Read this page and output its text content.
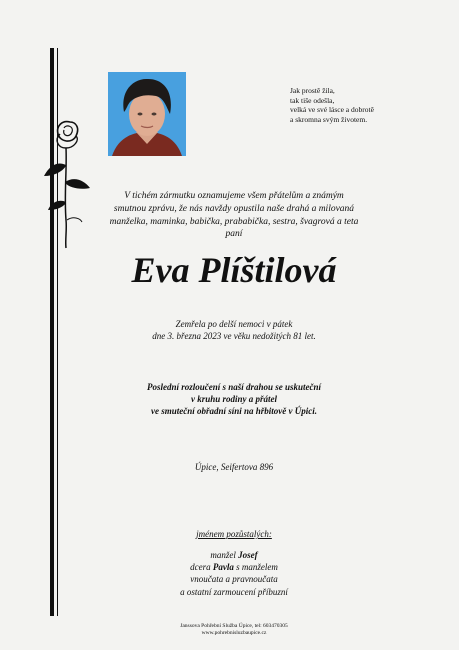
Jak prostě žila,
tak tiše odešla,
velká ve své lásce a dobrotě
a skromna svým životem.
V tichém zármutku oznamujeme všem přátelům a známým
smutnou zprávu, že nás navždy opustila naše drahá a milovaná
manželka, maminka, babička, prababička, sestra, švagrová a teta
paní
Eva Plíštilová
Zemřela po delší nemoci v pátek
dne 3. března 2023 ve věku nedožitých 81 let.
Poslední rozloučení s naší drahou se uskuteční
v kruhu rodiny a přátel
ve smuteční obřadní síni na hřbitově v Úpici.
Úpice, Seifertova 896
jménem pozůstalých:
manžel Josef
dcera Pavla s manželem
vnoučata a pravnoučata
a ostatní zarmoucení příbuzní
Janssova Pohřební Služba Úpice, tel: 603470305
www.pohrebnisluzbaupice.cz
